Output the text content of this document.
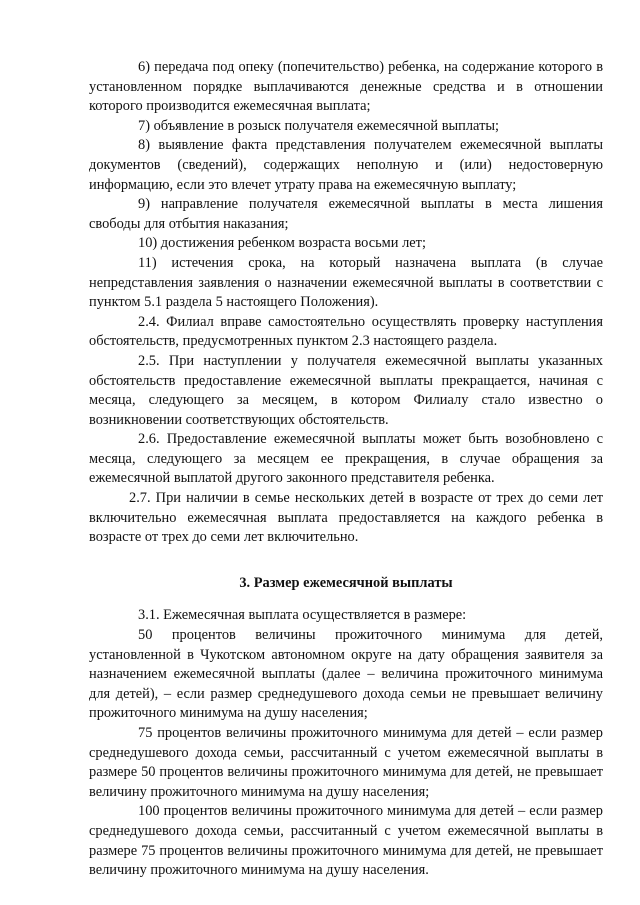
6) передача под опеку (попечительство) ребенка, на содержание которого в установленном порядке выплачиваются денежные средства и в отношении которого производится ежемесячная выплата;

7) объявление в розыск получателя ежемесячной выплаты;

8) выявление факта представления получателем ежемесячной выплаты документов (сведений), содержащих неполную и (или) недостоверную информацию, если это влечет утрату права на ежемесячную выплату;

9) направление получателя ежемесячной выплаты в места лишения свободы для отбытия наказания;

10) достижения ребенком возраста восьми лет;

11) истечения срока, на который назначена выплата (в случае непредставления заявления о назначении ежемесячной выплаты в соответствии с пунктом 5.1 раздела 5 настоящего Положения).

2.4. Филиал вправе самостоятельно осуществлять проверку наступления обстоятельств, предусмотренных пунктом 2.3 настоящего раздела.

2.5. При наступлении у получателя ежемесячной выплаты указанных обстоятельств предоставление ежемесячной выплаты прекращается, начиная с месяца, следующего за месяцем, в котором Филиалу стало известно о возникновении соответствующих обстоятельств.

2.6. Предоставление ежемесячной выплаты может быть возобновлено с месяца, следующего за месяцем ее прекращения, в случае обращения за ежемесячной выплатой другого законного представителя ребенка.

2.7. При наличии в семье нескольких детей в возрасте от трех до семи лет включительно ежемесячная выплата предоставляется на каждого ребенка в возрасте от трех до семи лет включительно.

3. Размер ежемесячной выплаты

3.1. Ежемесячная выплата осуществляется в размере:

50 процентов величины прожиточного минимума для детей, установленной в Чукотском автономном округе на дату обращения заявителя за назначением ежемесячной выплаты (далее – величина прожиточного минимума для детей), – если размер среднедушевого дохода семьи не превышает величину прожиточного минимума на душу населения;

75 процентов величины прожиточного минимума для детей – если размер среднедушевого дохода семьи, рассчитанный с учетом ежемесячной выплаты в размере 50 процентов величины прожиточного минимума для детей, не превышает величину прожиточного минимума на душу населения;

100 процентов величины прожиточного минимума для детей – если размер среднедушевого дохода семьи, рассчитанный с учетом ежемесячной выплаты в размере 75 процентов величины прожиточного минимума для детей, не превышает величину прожиточного минимума на душу населения.
